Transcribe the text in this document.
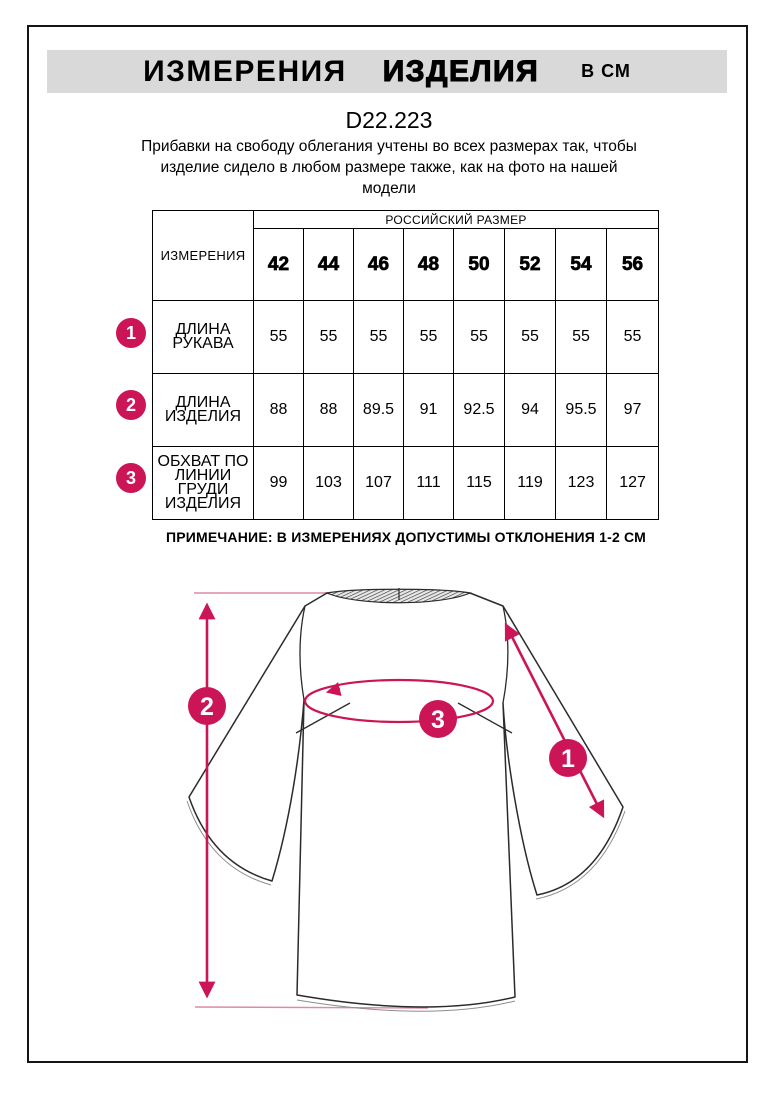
ИЗМЕРЕНИЯ ИЗДЕЛИЯ В СМ
D22.223
Прибавки на свободу облегания учтены во всех размерах так, чтобы
изделие сидело в любом размере также, как на фото на нашей
модели
ИЗМЕРЕНИЯ	РОССИЙСКИЙ РАЗМЕР							
	42	44	46	48	50	52	54	56
ДЛИНА РУКАВА	55	55	55	55	55	55	55	55
ДЛИНА ИЗДЕЛИЯ	88	88	89.5	91	92.5	94	95.5	97
ОБХВАТ ПО ЛИНИИ ГРУДИ ИЗДЕЛИЯ	99	103	107	111	115	119	123	127
1
2
3
ПРИМЕЧАНИЕ: В ИЗМЕРЕНИЯХ ДОПУСТИМЫ ОТКЛОНЕНИЯ 1-2 СМ
2	3
1
